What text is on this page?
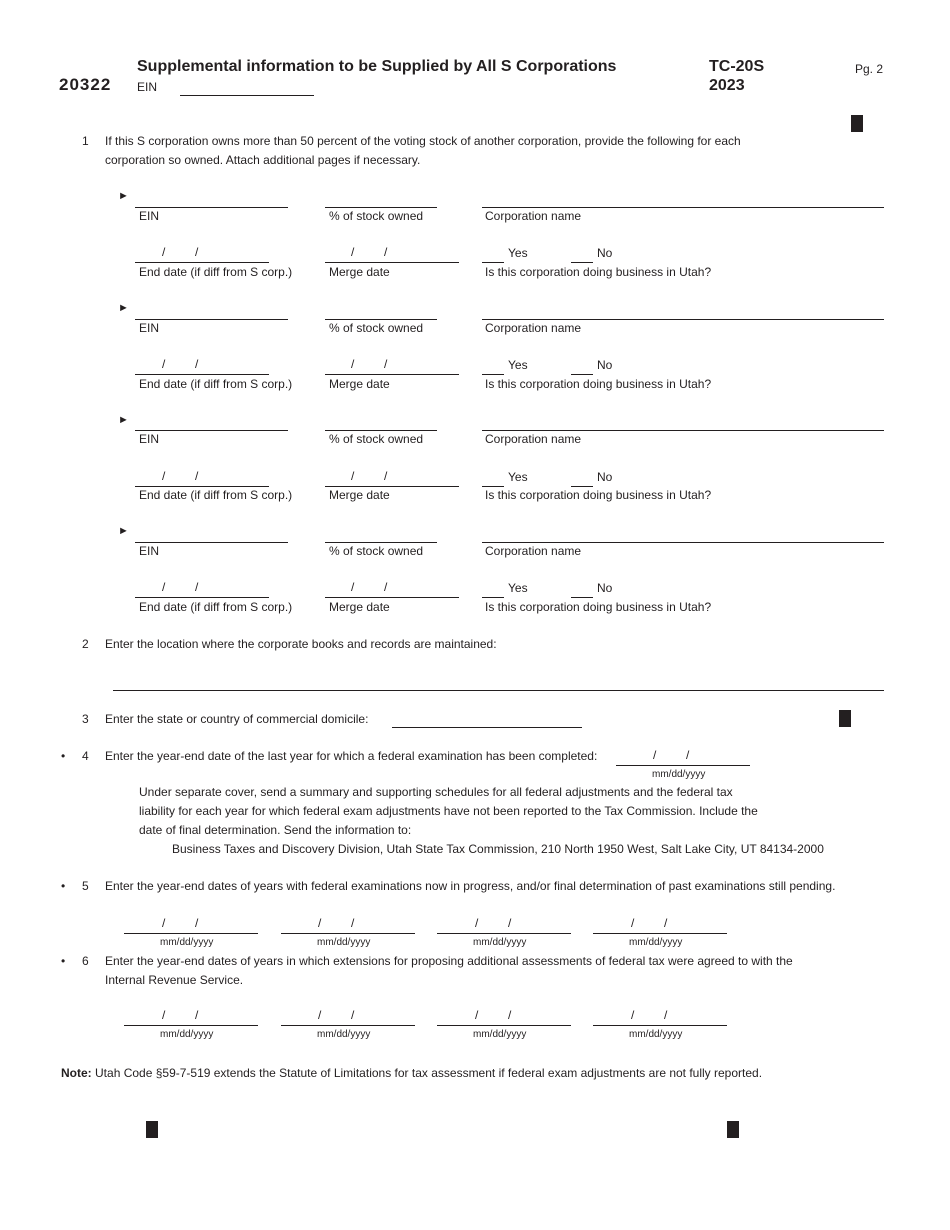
20322
Supplemental information to be Supplied by All S Corporations
EIN
TC-20S
2023
Pg. 2
1 If this S corporation owns more than 50 percent of the voting stock of another corporation, provide the following for each
corporation so owned. Attach additional pages if necessary.
►
EIN	% of stock owned	Corporation name
/ /	/ /	Yes	No
End date (if diff from S corp.)	Merge date	Is this corporation doing business in Utah?
►
EIN	% of stock owned	Corporation name
/ /	/ /	Yes	No
End date (if diff from S corp.)	Merge date	Is this corporation doing business in Utah?
►
EIN	% of stock owned	Corporation name
/ /	/ /	Yes	No
End date (if diff from S corp.)	Merge date	Is this corporation doing business in Utah?
►
EIN	% of stock owned	Corporation name
/ /	/ /	Yes	No
End date (if diff from S corp.)	Merge date	Is this corporation doing business in Utah?
2 Enter the location where the corporate books and records are maintained:
3 Enter the state or country of commercial domicile:
• 4 Enter the year-end date of the last year for which a federal examination has been completed:	/ /
mm/dd/yyyy
Under separate cover, send a summary and supporting schedules for all federal adjustments and the federal tax
liability for each year for which federal exam adjustments have not been reported to the Tax Commission. Include the
date of final determination. Send the information to:
Business Taxes and Discovery Division, Utah State Tax Commission, 210 North 1950 West, Salt Lake City, UT 84134-2000
• 5 Enter the year-end dates of years with federal examinations now in progress, and/or final determination of past examinations still pending.
/ /
mm/dd/yyyy
/ /
mm/dd/yyyy
/ /
mm/dd/yyyy
/ /
mm/dd/yyyy
• 6 Enter the year-end dates of years in which extensions for proposing additional assessments of federal tax were agreed to with the
Internal Revenue Service.
/ /
mm/dd/yyyy
/ /
mm/dd/yyyy
/ /
mm/dd/yyyy
/ /
mm/dd/yyyy
Note: Utah Code §59-7-519 extends the Statute of Limitations for tax assessment if federal exam adjustments are not fully reported.
